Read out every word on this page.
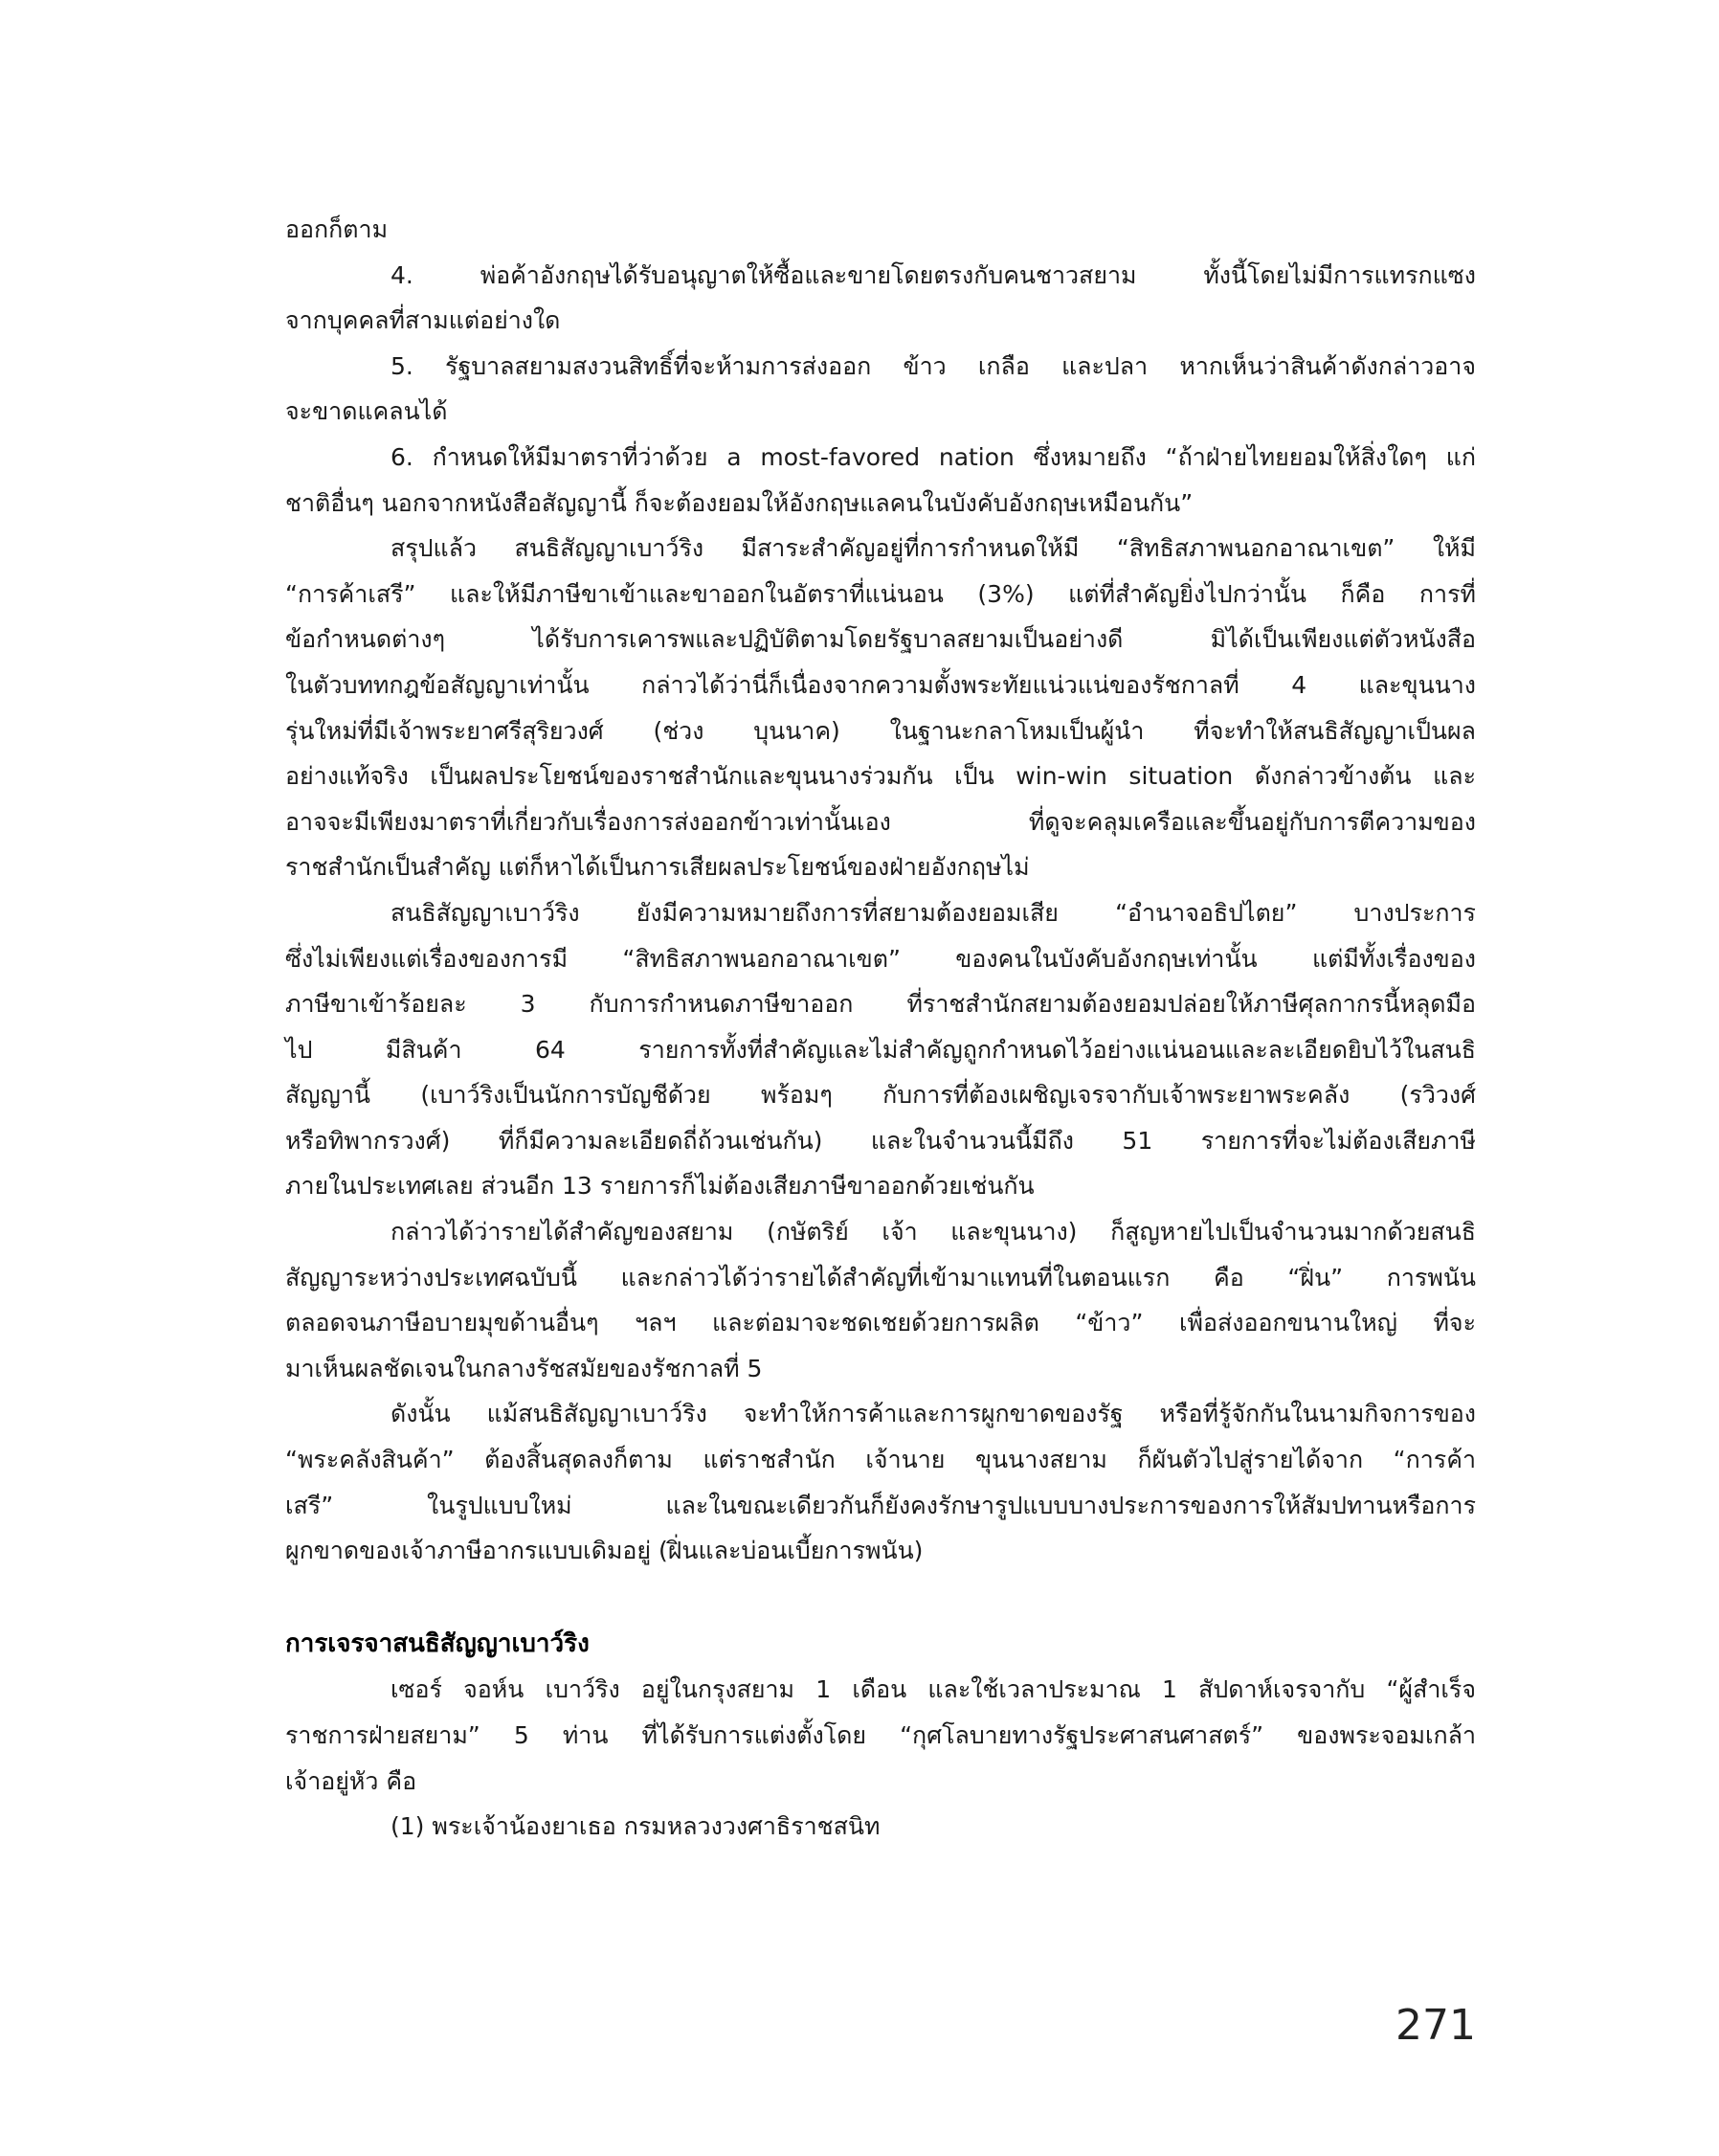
ออกก็ตาม
4. พ่อค้าอังกฤษได้รับอนุญาตให้ซื้อและขายโดยตรงกับคนชาวสยาม ทั้งนี้โดยไม่มีการแทรกแซง
จากบุคคลที่สามแต่อย่างใด
5. รัฐบาลสยามสงวนสิทธิ์ที่จะห้ามการส่งออก ข้าว เกลือ และปลา หากเห็นว่าสินค้าดังกล่าวอาจ
จะขาดแคลนได้
6. กำหนดให้มีมาตราที่ว่าด้วย a most-favored nation ซึ่งหมายถึง “ถ้าฝ่ายไทยยอมให้สิ่งใดๆ แก่
ชาติอื่นๆ นอกจากหนังสือสัญญานี้ ก็จะต้องยอมให้อังกฤษแลคนในบังคับอังกฤษเหมือนกัน”
สรุปแล้ว สนธิสัญญาเบาว์ริง มีสาระสำคัญอยู่ที่การกำหนดให้มี “สิทธิสภาพนอกอาณาเขต” ให้มี
“การค้าเสรี” และให้มีภาษีขาเข้าและขาออกในอัตราที่แน่นอน (3%) แต่ที่สำคัญยิ่งไปกว่านั้น ก็คือ การที่
ข้อกำหนดต่างๆ ได้รับการเคารพและปฏิบัติตามโดยรัฐบาลสยามเป็นอย่างดี มิได้เป็นเพียงแต่ตัวหนังสือ
ในตัวบททกฎข้อสัญญาเท่านั้น กล่าวได้ว่านี่ก็เนื่องจากความตั้งพระทัยแน่วแน่ของรัชกาลที่ 4 และขุนนาง
รุ่นใหม่ที่มีเจ้าพระยาศรีสุริยวงศ์ (ช่วง บุนนาค) ในฐานะกลาโหมเป็นผู้นำ ที่จะทำให้สนธิสัญญาเป็นผล
อย่างแท้จริง เป็นผลประโยชน์ของราชสำนักและขุนนางร่วมกัน เป็น win-win situation ดังกล่าวข้างต้น และ
อาจจะมีเพียงมาตราที่เกี่ยวกับเรื่องการส่งออกข้าวเท่านั้นเอง ที่ดูจะคลุมเครือและขึ้นอยู่กับการตีความของ
ราชสำนักเป็นสำคัญ แต่ก็หาได้เป็นการเสียผลประโยชน์ของฝ่ายอังกฤษไม่
สนธิสัญญาเบาว์ริง ยังมีความหมายถึงการที่สยามต้องยอมเสีย “อำนาจอธิปไตย” บางประการ
ซึ่งไม่เพียงแต่เรื่องของการมี “สิทธิสภาพนอกอาณาเขต” ของคนในบังคับอังกฤษเท่านั้น แต่มีทั้งเรื่องของ
ภาษีขาเข้าร้อยละ 3 กับการกำหนดภาษีขาออก ที่ราชสำนักสยามต้องยอมปล่อยให้ภาษีศุลกากรนี้หลุดมือ
ไป มีสินค้า 64 รายการทั้งที่สำคัญและไม่สำคัญถูกกำหนดไว้อย่างแน่นอนและละเอียดยิบไว้ในสนธิ
สัญญานี้ (เบาว์ริงเป็นนักการบัญชีด้วย พร้อมๆ กับการที่ต้องเผชิญเจรจากับเจ้าพระยาพระคลัง (รวิวงศ์
หรือทิพากรวงศ์) ที่ก็มีความละเอียดถี่ถ้วนเช่นกัน) และในจำนวนนี้มีถึง 51 รายการที่จะไม่ต้องเสียภาษี
ภายในประเทศเลย ส่วนอีก 13 รายการก็ไม่ต้องเสียภาษีขาออกด้วยเช่นกัน
กล่าวได้ว่ารายได้สำคัญของสยาม (กษัตริย์ เจ้า และขุนนาง) ก็สูญหายไปเป็นจำนวนมากด้วยสนธิ
สัญญาระหว่างประเทศฉบับนี้ และกล่าวได้ว่ารายได้สำคัญที่เข้ามาแทนที่ในตอนแรก คือ “ฝิ่น” การพนัน
ตลอดจนภาษีอบายมุขด้านอื่นๆ ฯลฯ และต่อมาจะชดเชยด้วยการผลิต “ข้าว” เพื่อส่งออกขนานใหญ่ ที่จะ
มาเห็นผลชัดเจนในกลางรัชสมัยของรัชกาลที่ 5
ดังนั้น แม้สนธิสัญญาเบาว์ริง จะทำให้การค้าและการผูกขาดของรัฐ หรือที่รู้จักกันในนามกิจการของ
“พระคลังสินค้า” ต้องสิ้นสุดลงก็ตาม แต่ราชสำนัก เจ้านาย ขุนนางสยาม ก็ผันตัวไปสู่รายได้จาก “การค้า
เสรี” ในรูปแบบใหม่ และในขณะเดียวกันก็ยังคงรักษารูปแบบบางประการของการให้สัมปทานหรือการ
ผูกขาดของเจ้าภาษีอากรแบบเดิมอยู่ (ฝิ่นและบ่อนเบี้ยการพนัน)
การเจรจาสนธิสัญญาเบาว์ริง
เซอร์ จอห์น เบาว์ริง อยู่ในกรุงสยาม 1 เดือน และใช้เวลาประมาณ 1 สัปดาห์เจรจากับ “ผู้สำเร็จ
ราชการฝ่ายสยาม” 5 ท่าน ที่ได้รับการแต่งตั้งโดย “กุศโลบายทางรัฐประศาสนศาสตร์” ของพระจอมเกล้า
เจ้าอยู่หัว คือ
(1) พระเจ้าน้องยาเธอ กรมหลวงวงศาธิราชสนิท
271
